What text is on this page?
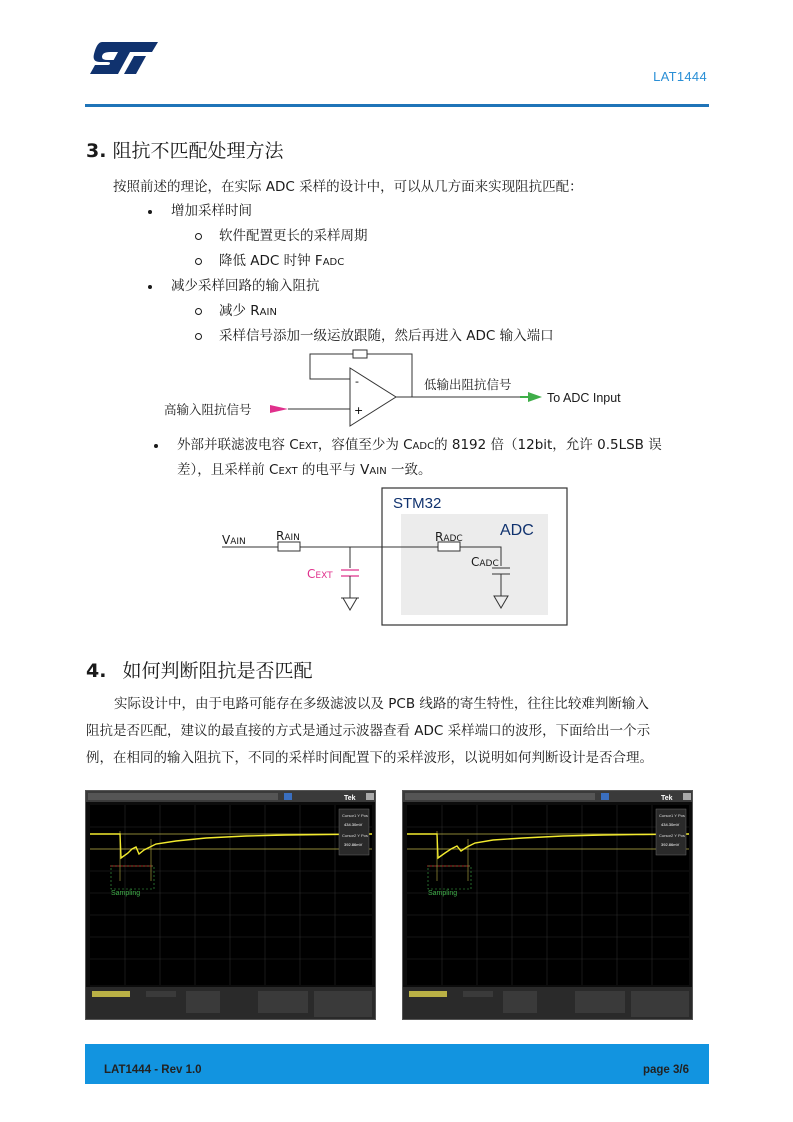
LAT1444
3. 阻抗不匹配处理方法
按照前述的理论，在实际 ADC 采样的设计中，可以从几方面来实现阻抗匹配：
增加采样时间
软件配置更长的采样周期
降低 ADC 时钟 FADC
减少采样回路的输入阻抗
减少 RAIN
采样信号添加一级运放跟随，然后再进入 ADC 输入端口
-
+
高输入阻抗信号
低输出阻抗信号
To ADC Input
外部并联滤波电容 CEXT，容值至少为 CADC的 8192 倍（12bit，允许 0.5LSB 误
差），且采样前 CEXT 的电平与 VAIN 一致。
STM32
ADC
VAIN	RAIN	RADC
CADC
CEXT
4. 如何判断阻抗是否匹配
实际设计中，由于电路可能存在多级滤波以及 PCB 线路的寄生特性，往往比较难判断输入
阻抗是否匹配，建议的最直接的方式是通过示波器查看 ADC 采样端口的波形，下面给出一个示
例，在相同的输入阻抗下，不同的采样时间配置下的采样波形，以说明如何判断设计是否合理。
Tek
Sampling
Cursor1 Y Pos
434.30mV
Cursor2 Y Pos
392.86mV
Tek
Sampling
Cursor1 Y Pos
434.30mV
Cursor2 Y Pos
392.86mV
LAT1444 - Rev 1.0	page 3/6
